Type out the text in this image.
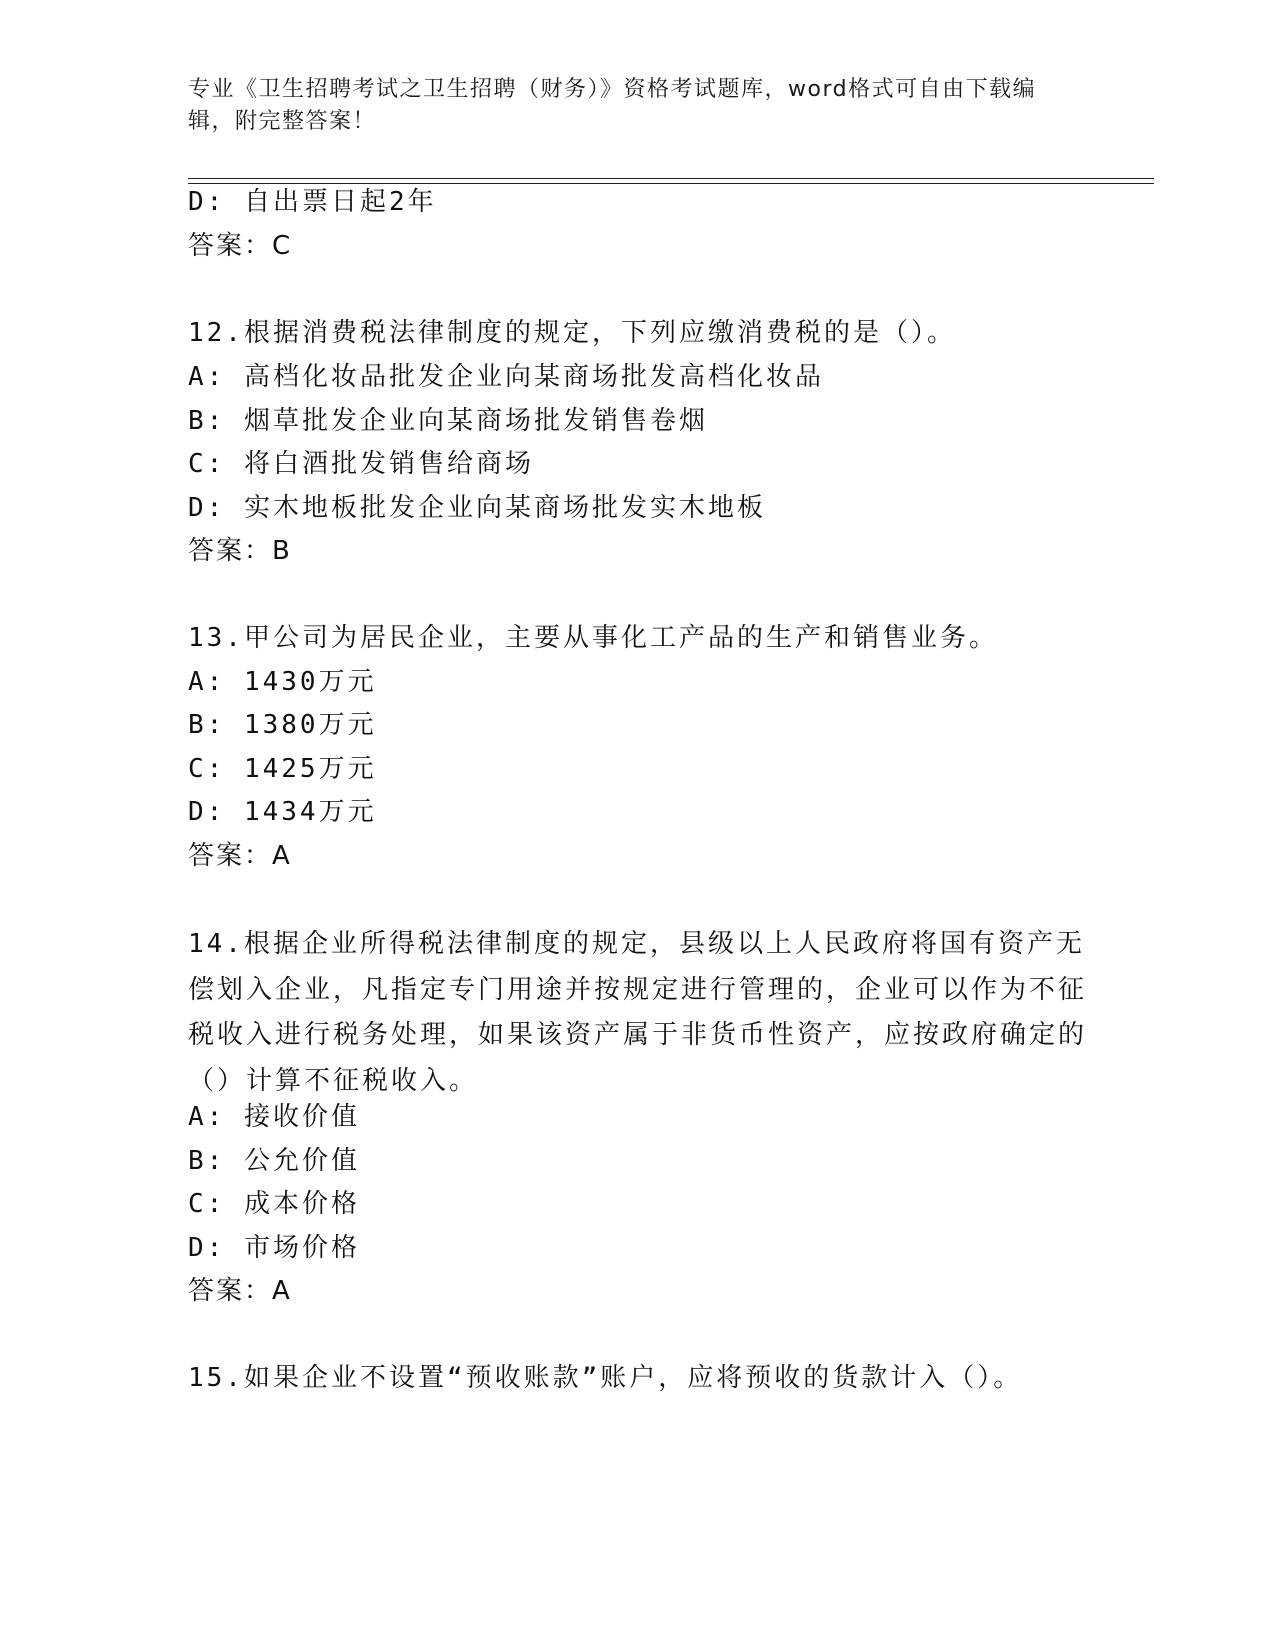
专业《卫生招聘考试之卫生招聘（财务）》资格考试题库，word格式可自由下载编辑，附完整答案！
D: 自出票日起2年
答案：C
12.根据消费税法律制度的规定，下列应缴消费税的是（）。
A: 高档化妆品批发企业向某商场批发高档化妆品
B: 烟草批发企业向某商场批发销售卷烟
C: 将白酒批发销售给商场
D: 实木地板批发企业向某商场批发实木地板
答案：B
13.甲公司为居民企业，主要从事化工产品的生产和销售业务。
A: 1430万元
B: 1380万元
C: 1425万元
D: 1434万元
答案：A
14.根据企业所得税法律制度的规定，县级以上人民政府将国有资产无偿划入企业，凡指定专门用途并按规定进行管理的，企业可以作为不征税收入进行税务处理，如果该资产属于非货币性资产，应按政府确定的（）计算不征税收入。
A: 接收价值
B: 公允价值
C: 成本价格
D: 市场价格
答案：A
15.如果企业不设置“预收账款”账户，应将预收的货款计入（）。
